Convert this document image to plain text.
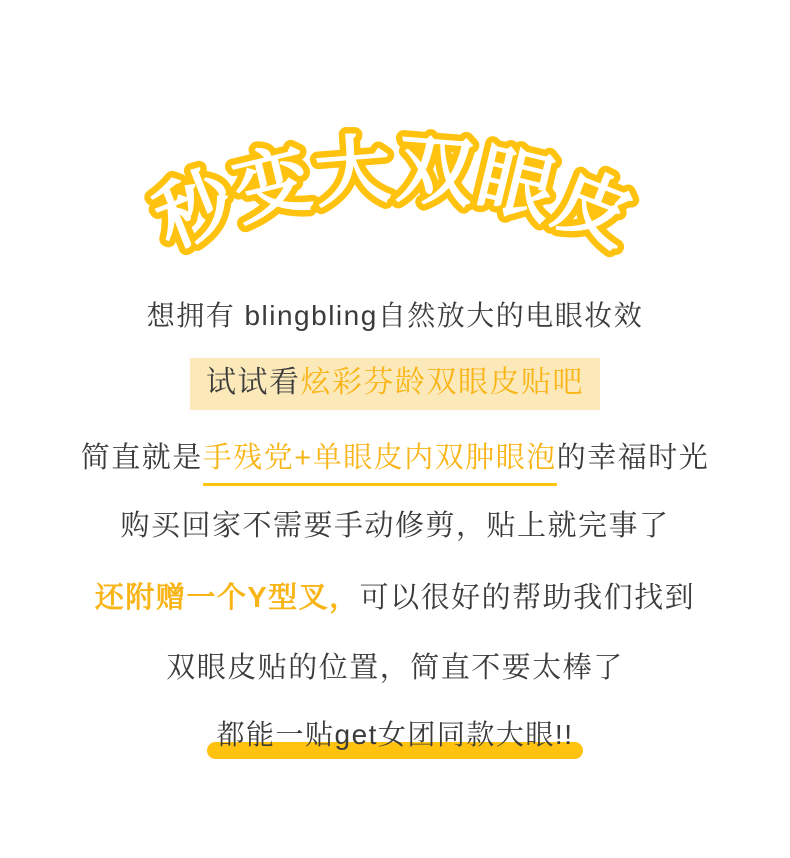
秒变大双眼皮
想拥有 blingbling自然放大的电眼妆效
试试看炫彩芬龄双眼皮贴吧
简直就是手残党+单眼皮内双肿眼泡的幸福时光
购买回家不需要手动修剪，贴上就完事了
还附赠一个Y型叉，可以很好的帮助我们找到
双眼皮贴的位置，简直不要太棒了
都能一贴get女团同款大眼!!
